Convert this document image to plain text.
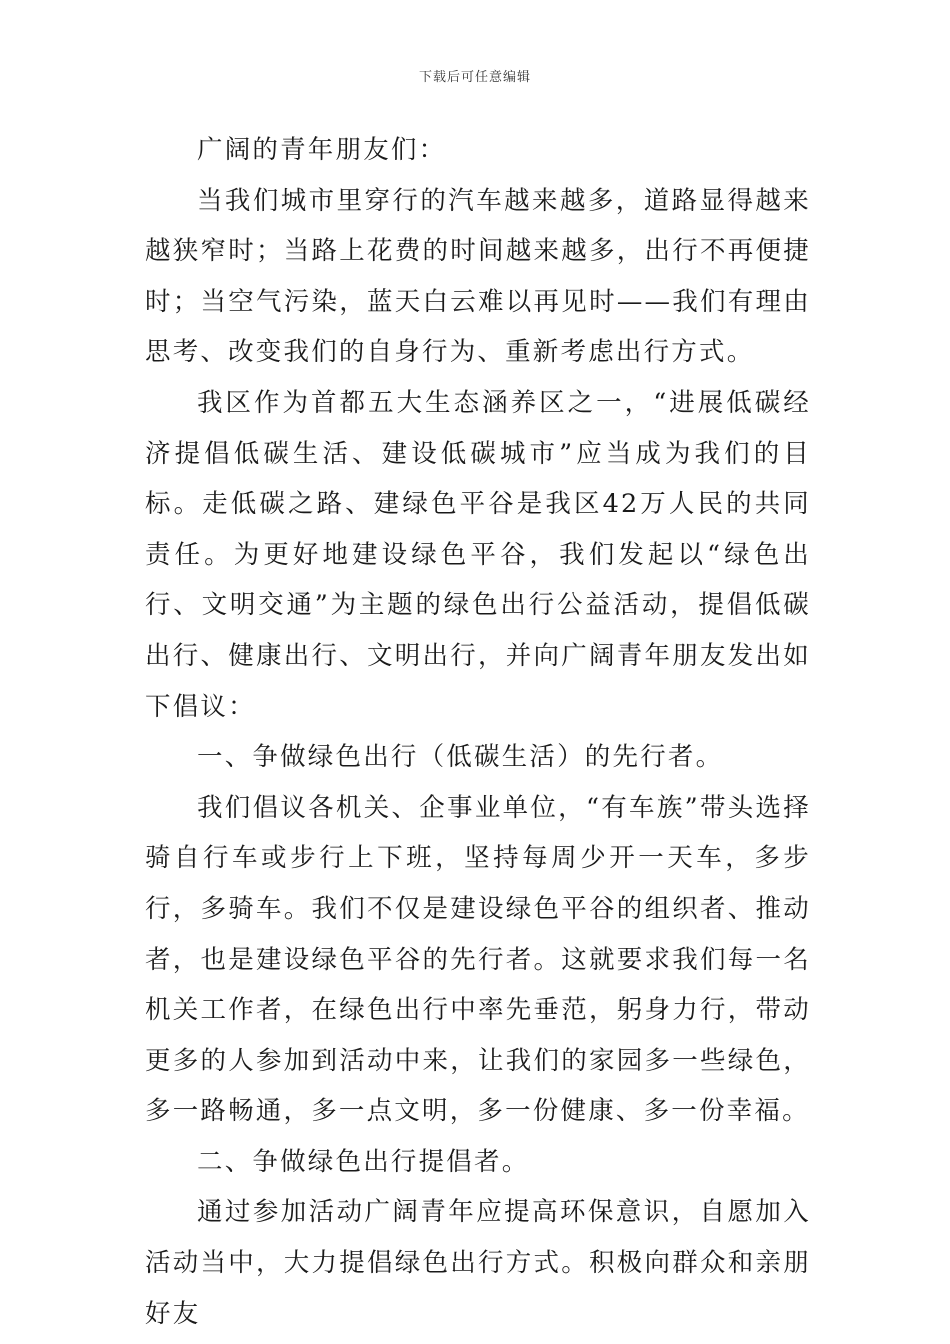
下载后可任意编辑

广阔的青年朋友们：

当我们城市里穿行的汽车越来越多，道路显得越来越狭窄时；当路上花费的时间越来越多，出行不再便捷时；当空气污染，蓝天白云难以再见时——我们有理由思考、改变我们的自身行为、重新考虑出行方式。

我区作为首都五大生态涵养区之一，“进展低碳经济提倡低碳生活、建设低碳城市”应当成为我们的目标。走低碳之路、建绿色平谷是我区42万人民的共同责任。为更好地建设绿色平谷，我们发起以“绿色出行、文明交通”为主题的绿色出行公益活动，提倡低碳出行、健康出行、文明出行，并向广阔青年朋友发出如下倡议：

一、争做绿色出行（低碳生活）的先行者。

我们倡议各机关、企事业单位，“有车族”带头选择骑自行车或步行上下班，坚持每周少开一天车，多步行，多骑车。我们不仅是建设绿色平谷的组织者、推动者，也是建设绿色平谷的先行者。这就要求我们每一名机关工作者，在绿色出行中率先垂范，躬身力行，带动更多的人参加到活动中来，让我们的家园多一些绿色，多一路畅通，多一点文明，多一份健康、多一份幸福。

二、争做绿色出行提倡者。

通过参加活动广阔青年应提高环保意识，自愿加入活动当中，大力提倡绿色出行方式。积极向群众和亲朋好友
